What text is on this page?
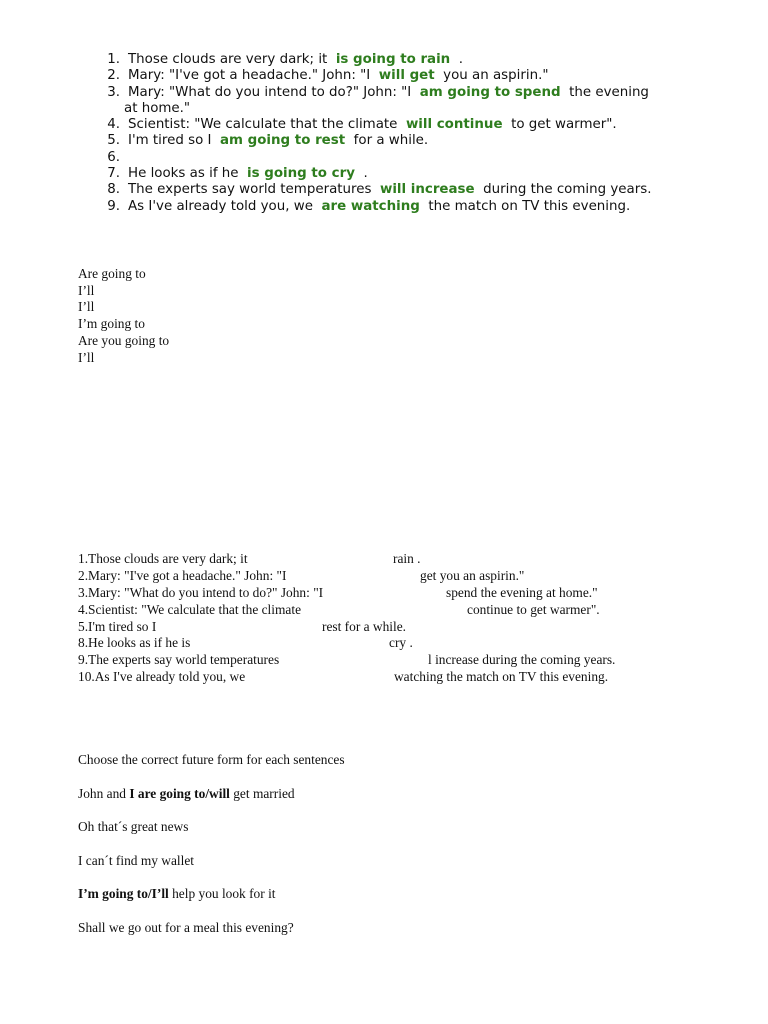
1. Those clouds are very dark; it is going to rain .
2. Mary: "I've got a headache." John: "I will get you an aspirin."
3. Mary: "What do you intend to do?" John: "I am going to spend the evening
at home."
4. Scientist: "We calculate that the climate will continue to get warmer".
5. I'm tired so I am going to rest for a while.
6.

7. He looks as if he is going to cry .
8. The experts say world temperatures will increase during the coming years.
9. As I've already told you, we are watching the match on TV this evening.
Are going to
I’ll
I’ll
I’m going to
Are you going to
I’ll
1.Those clouds are very dark; it	rain .
2.Mary: "I've got a headache." John: "I	get you an aspirin."
3.Mary: "What do you intend to do?" John: "I	spend the evening at home."
4.Scientist: "We calculate that the climate	continue to get warmer".
5.I'm tired so I	rest for a while.
8.He looks as if he is	cry .
9.The experts say world temperatures	l increase during the coming years.
10.As I've already told you, we	watching the match on TV this evening.

Choose the correct future form for each sentences

John and I are going to/will get married

Oh that´s great news

I can´t find my wallet

I’m going to/I’ll help you look for it

Shall we go out for a meal this evening?
